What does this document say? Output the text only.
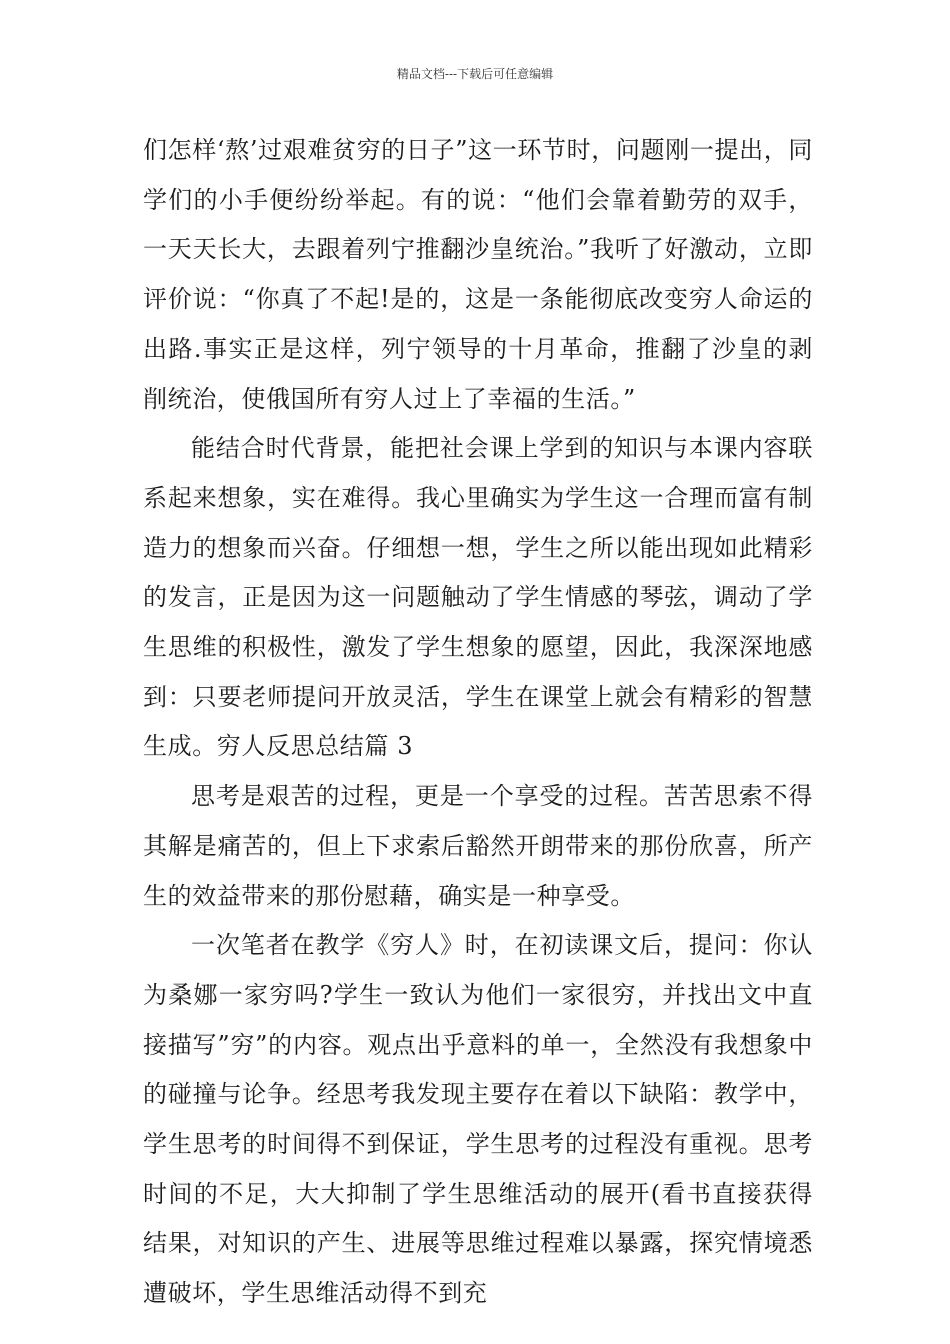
精品文档---下载后可任意编辑

们怎样‘熬’过艰难贫穷的日子”这一环节时，问题刚一提出，同学们的小手便纷纷举起。有的说：“他们会靠着勤劳的双手，一天天长大，去跟着列宁推翻沙皇统治。”我听了好激动，立即评价说：“你真了不起!是的，这是一条能彻底改变穷人命运的出路.事实正是这样，列宁领导的十月革命，推翻了沙皇的剥削统治，使俄国所有穷人过上了幸福的生活。”

能结合时代背景，能把社会课上学到的知识与本课内容联系起来想象，实在难得。我心里确实为学生这一合理而富有制造力的想象而兴奋。仔细想一想，学生之所以能出现如此精彩的发言，正是因为这一问题触动了学生情感的琴弦，调动了学生思维的积极性，激发了学生想象的愿望，因此，我深深地感到：只要老师提问开放灵活，学生在课堂上就会有精彩的智慧生成。穷人反思总结篇 3

思考是艰苦的过程，更是一个享受的过程。苦苦思索不得其解是痛苦的，但上下求索后豁然开朗带来的那份欣喜，所产生的效益带来的那份慰藉，确实是一种享受。

一次笔者在教学《穷人》时，在初读课文后，提问：你认为桑娜一家穷吗?学生一致认为他们一家很穷，并找出文中直接描写”穷”的内容。观点出乎意料的单一，全然没有我想象中的碰撞与论争。经思考我发现主要存在着以下缺陷：教学中，学生思考的时间得不到保证，学生思考的过程没有重视。思考时间的不足，大大抑制了学生思维活动的展开(看书直接获得结果，对知识的产生、进展等思维过程难以暴露，探究情境悉遭破坏，学生思维活动得不到充
